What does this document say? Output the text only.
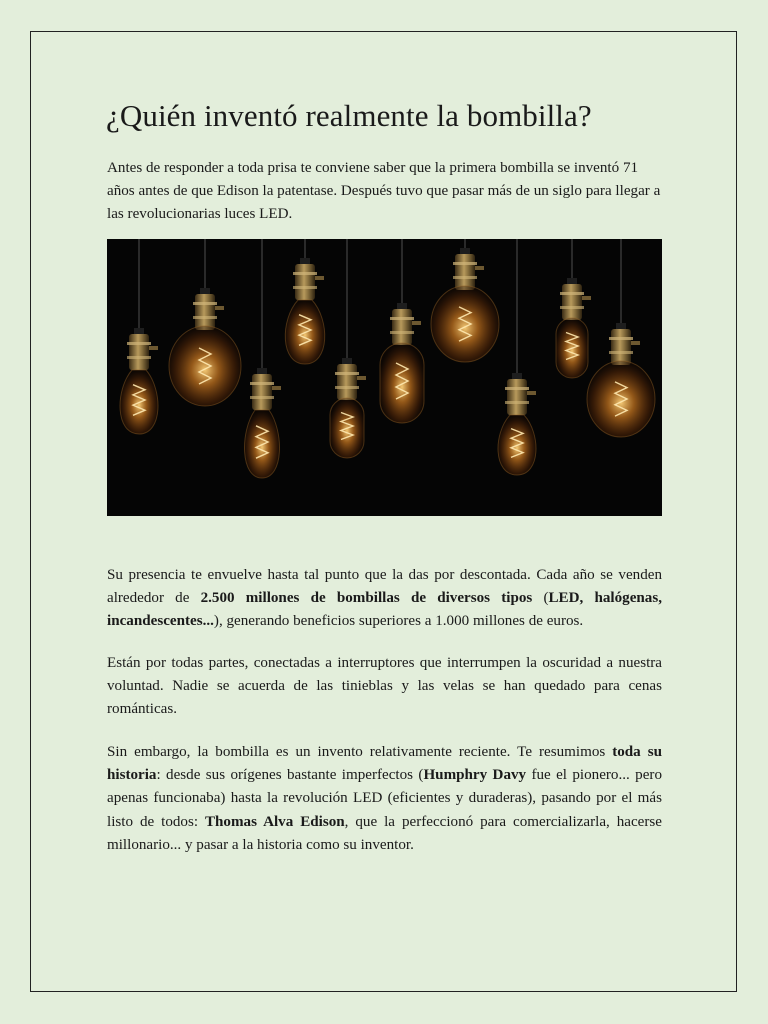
¿Quién inventó realmente la bombilla?

Antes de responder a toda prisa te conviene saber que la primera bombilla se inventó 71 años antes de que Edison la patentase. Después tuvo que pasar más de un siglo para llegar a las revolucionarias luces LED.

Su presencia te envuelve hasta tal punto que la das por descontada. Cada año se venden alrededor de 2.500 millones de bombillas de diversos tipos (LED, halógenas, incandescentes...), generando beneficios superiores a 1.000 millones de euros.

Están por todas partes, conectadas a interruptores que interrumpen la oscuridad a nuestra voluntad. Nadie se acuerda de las tinieblas y las velas se han quedado para cenas románticas.

Sin embargo, la bombilla es un invento relativamente reciente. Te resumimos toda su historia: desde sus orígenes bastante imperfectos (Humphry Davy fue el pionero... pero apenas funcionaba) hasta la revolución LED (eficientes y duraderas), pasando por el más listo de todos: Thomas Alva Edison, que la perfeccionó para comercializarla, hacerse millonario... y pasar a la historia como su inventor.
